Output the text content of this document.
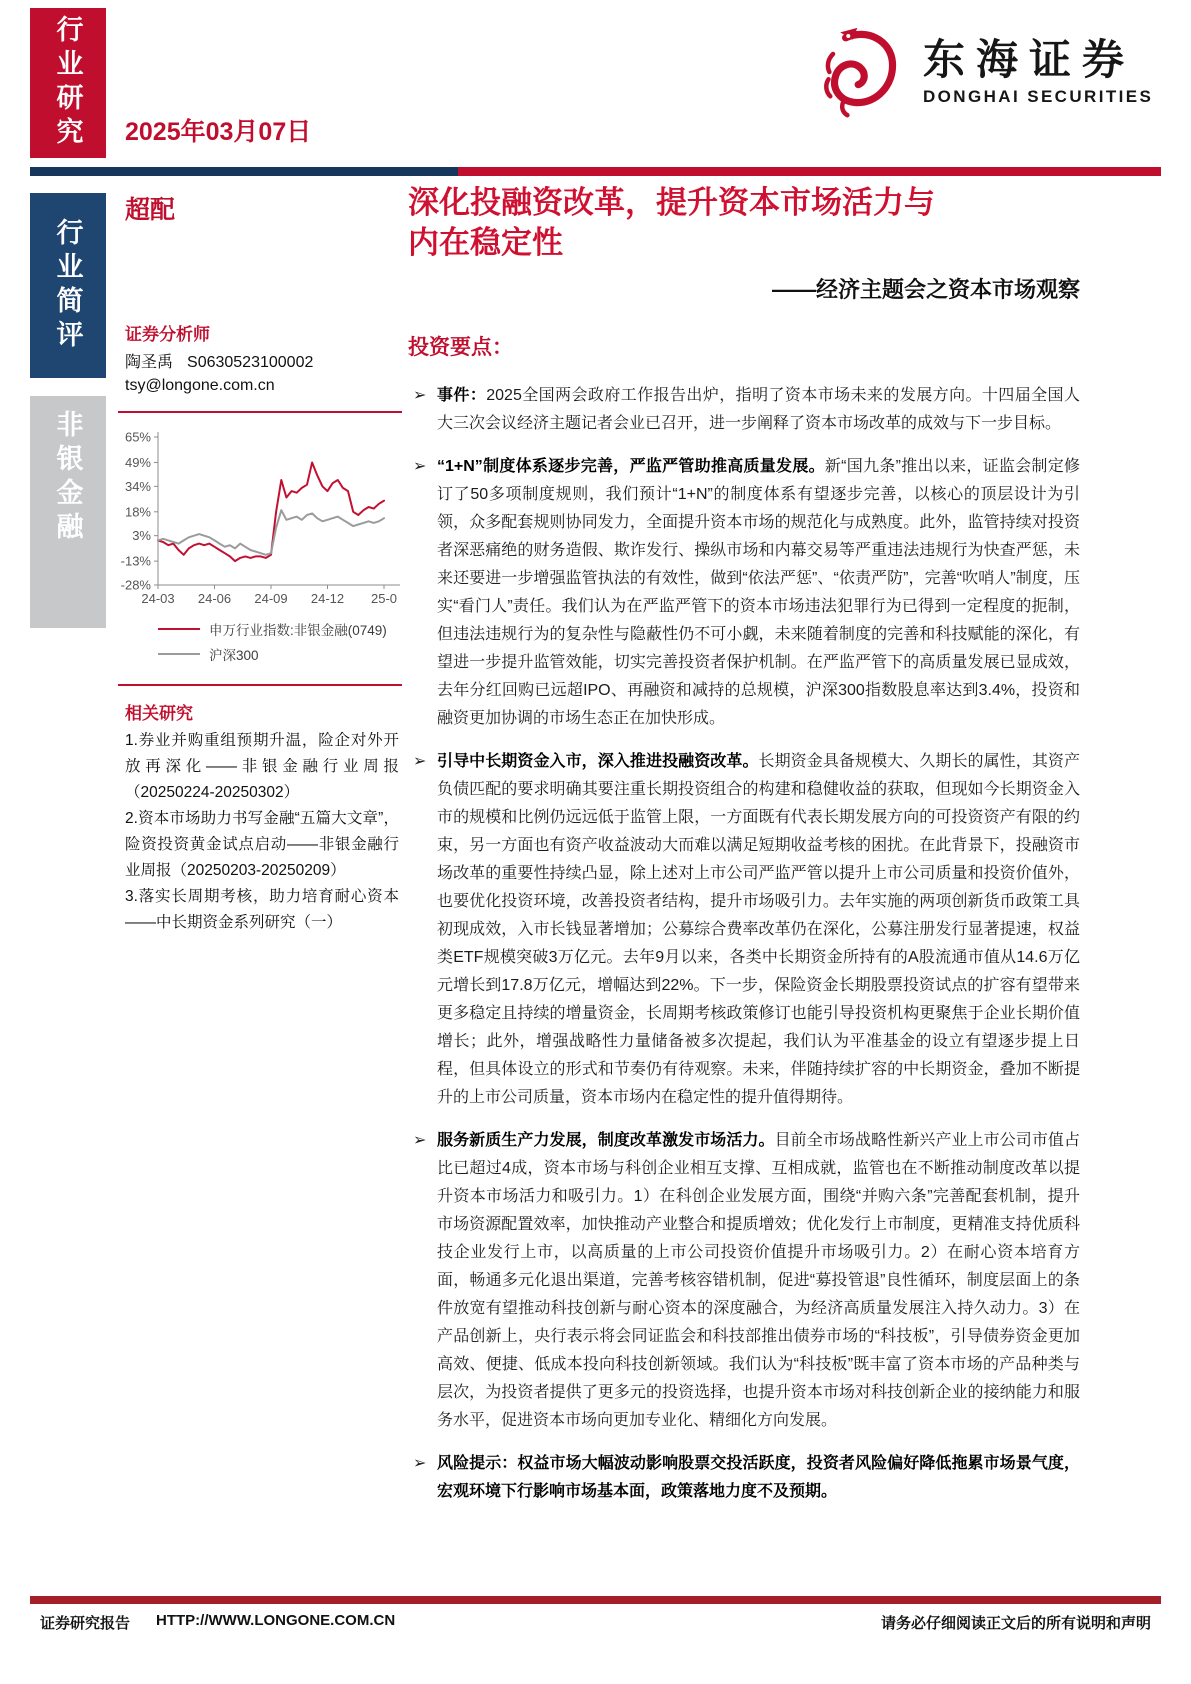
行业研究
行业简评
非银金融
2025年03月07日
东海证券
DONGHAI SECURITIES
超配
证券分析师
陶圣禹 S0630523100002
tsy@longone.com.cn
65%
49%
34%
18%
3%
-13%
-28%
24-03 24-06 24-09 24-12 25-0
申万行业指数:非银金融(0749)
沪深300
相关研究

1.券业并购重组预期升温，险企对外开放再深化——非银金融行业周报（20250224-20250302）

2.资本市场助力书写金融“五篇大文章”，险资投资黄金试点启动——非银金融行业周报（20250203-20250209）

3.落实长周期考核，助力培育耐心资本——中长期资金系列研究（一）

深化投融资改革，提升资本市场活力与
内在稳定性
——经济主题会之资本市场观察
投资要点：
➢ 事件：2025全国两会政府工作报告出炉，指明了资本市场未来的发展方向。十四届全国人大三次会议经济主题记者会业已召开，进一步阐释了资本市场改革的成效与下一步目标。

➢ “1+N”制度体系逐步完善，严监严管助推高质量发展。新“国九条”推出以来，证监会制定修订了50多项制度规则，我们预计“1+N”的制度体系有望逐步完善，以核心的顶层设计为引领，众多配套规则协同发力，全面提升资本市场的规范化与成熟度。此外，监管持续对投资者深恶痛绝的财务造假、欺诈发行、操纵市场和内幕交易等严重违法违规行为快查严惩，未来还要进一步增强监管执法的有效性，做到“依法严惩”、“依责严防”，完善“吹哨人”制度，压实“看门人”责任。我们认为在严监严管下的资本市场违法犯罪行为已得到一定程度的扼制，但违法违规行为的复杂性与隐蔽性仍不可小觑，未来随着制度的完善和科技赋能的深化，有望进一步提升监管效能，切实完善投资者保护机制。在严监严管下的高质量发展已显成效，去年分红回购已远超IPO、再融资和减持的总规模，沪深300指数股息率达到3.4%，投资和融资更加协调的市场生态正在加快形成。

➢ 引导中长期资金入市，深入推进投融资改革。长期资金具备规模大、久期长的属性，其资产负债匹配的要求明确其要注重长期投资组合的构建和稳健收益的获取，但现如今长期资金入市的规模和比例仍远远低于监管上限，一方面既有代表长期发展方向的可投资资产有限的约束，另一方面也有资产收益波动大而难以满足短期收益考核的困扰。在此背景下，投融资市场改革的重要性持续凸显，除上述对上市公司严监严管以提升上市公司质量和投资价值外，也要优化投资环境，改善投资者结构，提升市场吸引力。去年实施的两项创新货币政策工具初现成效，入市长钱显著增加；公募综合费率改革仍在深化，公募注册发行显著提速，权益类ETF规模突破3万亿元。去年9月以来，各类中长期资金所持有的A股流通市值从14.6万亿元增长到17.8万亿元，增幅达到22%。下一步，保险资金长期股票投资试点的扩容有望带来更多稳定且持续的增量资金，长周期考核政策修订也能引导投资机构更聚焦于企业长期价值增长；此外，增强战略性力量储备被多次提起，我们认为平准基金的设立有望逐步提上日程，但具体设立的形式和节奏仍有待观察。未来，伴随持续扩容的中长期资金，叠加不断提升的上市公司质量，资本市场内在稳定性的提升值得期待。

➢ 服务新质生产力发展，制度改革激发市场活力。目前全市场战略性新兴产业上市公司市值占比已超过4成，资本市场与科创企业相互支撑、互相成就，监管也在不断推动制度改革以提升资本市场活力和吸引力。1）在科创企业发展方面，围绕“并购六条”完善配套机制，提升市场资源配置效率，加快推动产业整合和提质增效；优化发行上市制度，更精准支持优质科技企业发行上市，以高质量的上市公司投资价值提升市场吸引力。2）在耐心资本培育方面，畅通多元化退出渠道，完善考核容错机制，促进“募投管退”良性循环，制度层面上的条件放宽有望推动科技创新与耐心资本的深度融合，为经济高质量发展注入持久动力。3）在产品创新上，央行表示将会同证监会和科技部推出债券市场的“科技板”，引导债券资金更加高效、便捷、低成本投向科技创新领域。我们认为“科技板”既丰富了资本市场的产品种类与层次，为投资者提供了更多元的投资选择，也提升资本市场对科技创新企业的接纳能力和服务水平，促进资本市场向更加专业化、精细化方向发展。

➢ 风险提示：权益市场大幅波动影响股票交投活跃度，投资者风险偏好降低拖累市场景气度，宏观环境下行影响市场基本面，政策落地力度不及预期。

证券研究报告 HTTP://WWW.LONGONE.COM.CN	请务必仔细阅读正文后的所有说明和声明
